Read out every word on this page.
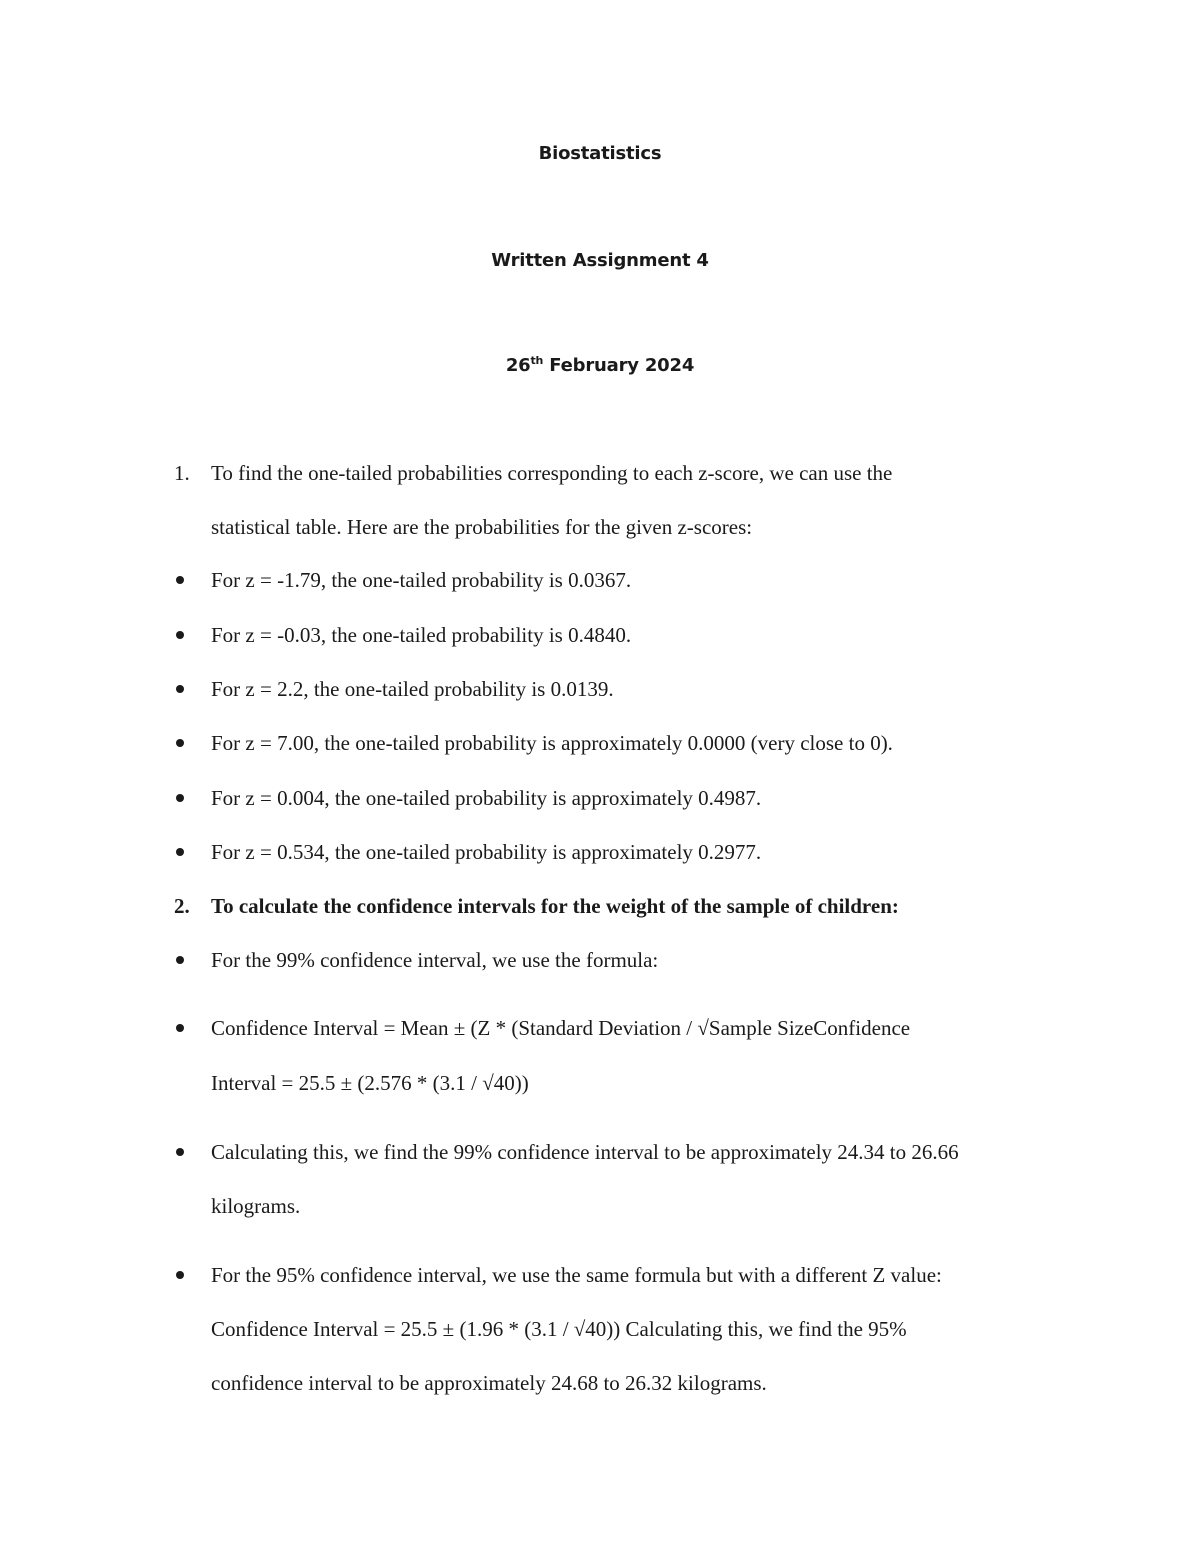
Biostatistics
Written Assignment 4
26th February 2024
1. To find the one-tailed probabilities corresponding to each z-score, we can use the
statistical table. Here are the probabilities for the given z-scores:
For z = -1.79, the one-tailed probability is 0.0367.
For z = -0.03, the one-tailed probability is 0.4840.
For z = 2.2, the one-tailed probability is 0.0139.
For z = 7.00, the one-tailed probability is approximately 0.0000 (very close to 0).
For z = 0.004, the one-tailed probability is approximately 0.4987.
For z = 0.534, the one-tailed probability is approximately 0.2977.
2. To calculate the confidence intervals for the weight of the sample of children:
For the 99% confidence interval, we use the formula:
Confidence Interval = Mean ± (Z * (Standard Deviation / √Sample SizeConfidence
Interval = 25.5 ± (2.576 * (3.1 / √40))
Calculating this, we find the 99% confidence interval to be approximately 24.34 to 26.66
kilograms.
For the 95% confidence interval, we use the same formula but with a different Z value:
Confidence Interval = 25.5 ± (1.96 * (3.1 / √40)) Calculating this, we find the 95%
confidence interval to be approximately 24.68 to 26.32 kilograms.
